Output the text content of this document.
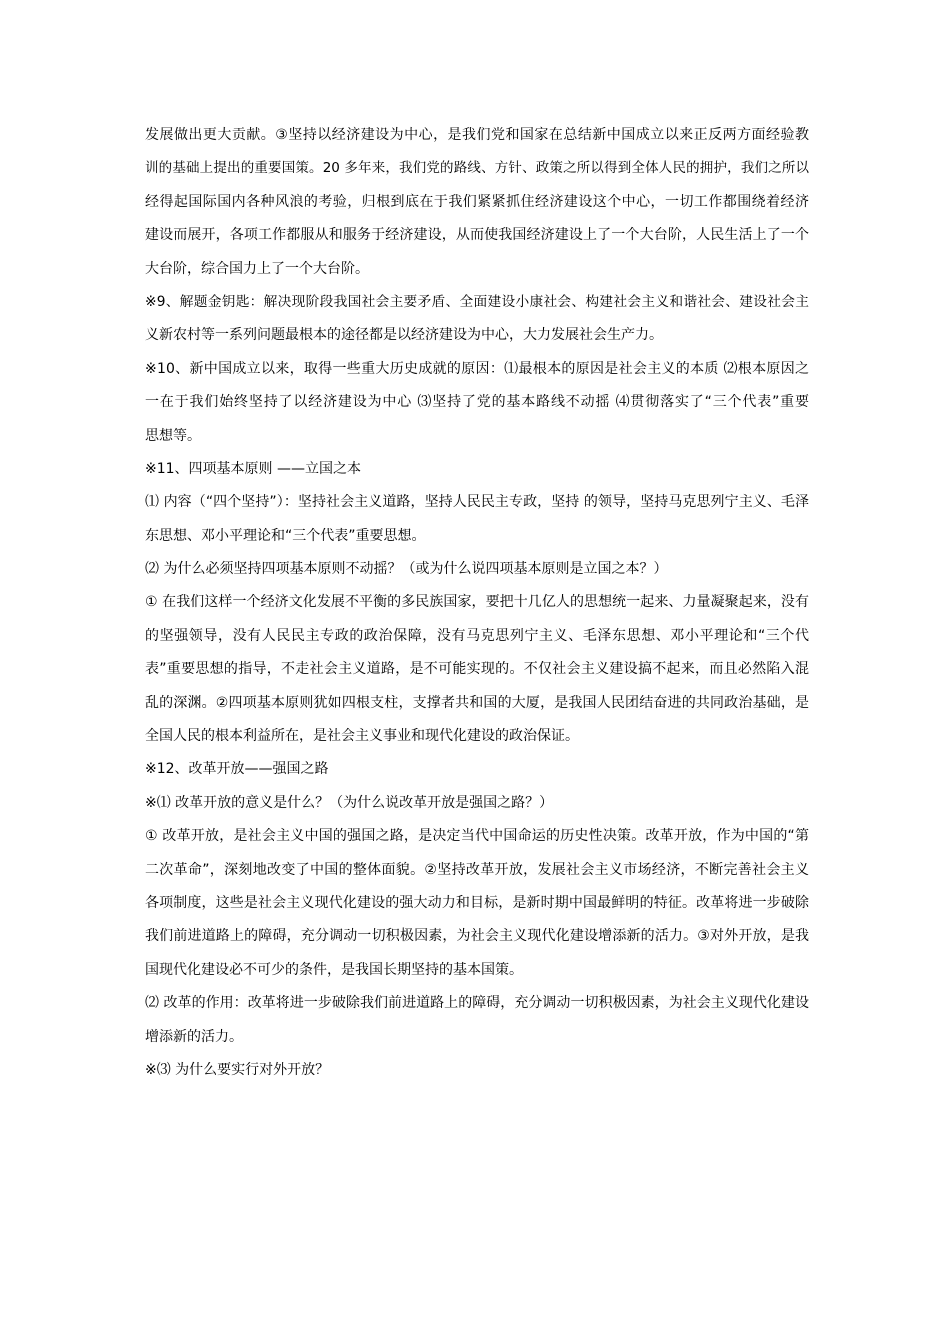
发展做出更大贡献。③坚持以经济建设为中心，是我们党和国家在总结新中国成立以来正反两方面经验教
训的基础上提出的重要国策。20 多年来，我们党的路线、方针、政策之所以得到全体人民的拥护，我们之所以
经得起国际国内各种风浪的考验，归根到底在于我们紧紧抓住经济建设这个中心，一切工作都围绕着经济
建设而展开，各项工作都服从和服务于经济建设，从而使我国经济建设上了一个大台阶，人民生活上了一个
大台阶，综合国力上了一个大台阶。
※9、解题金钥匙：解决现阶段我国社会主要矛盾、全面建设小康社会、构建社会主义和谐社会、建设社会主
义新农村等一系列问题最根本的途径都是以经济建设为中心，大力发展社会生产力。
※10、新中国成立以来，取得一些重大历史成就的原因：⑴最根本的原因是社会主义的本质 ⑵根本原因之
一在于我们始终坚持了以经济建设为中心 ⑶坚持了党的基本路线不动摇 ⑷贯彻落实了“三个代表”重要
思想等。
※11、四项基本原则 ——立国之本
⑴ 内容（“四个坚持”）：坚持社会主义道路，坚持人民民主专政，坚持 的领导，坚持马克思列宁主义、毛泽
东思想、邓小平理论和“三个代表”重要思想。
⑵ 为什么必须坚持四项基本原则不动摇？（或为什么说四项基本原则是立国之本？）
① 在我们这样一个经济文化发展不平衡的多民族国家，要把十几亿人的思想统一起来、力量凝聚起来，没有
的坚强领导，没有人民民主专政的政治保障，没有马克思列宁主义、毛泽东思想、邓小平理论和“三个代
表”重要思想的指导，不走社会主义道路，是不可能实现的。不仅社会主义建设搞不起来，而且必然陷入混
乱的深渊。②四项基本原则犹如四根支柱，支撑者共和国的大厦，是我国人民团结奋进的共同政治基础，是
全国人民的根本利益所在，是社会主义事业和现代化建设的政治保证。
※12、改革开放——强国之路
※⑴ 改革开放的意义是什么？（为什么说改革开放是强国之路？）
① 改革开放，是社会主义中国的强国之路，是决定当代中国命运的历史性决策。改革开放，作为中国的“第
二次革命”，深刻地改变了中国的整体面貌。②坚持改革开放，发展社会主义市场经济，不断完善社会主义
各项制度，这些是社会主义现代化建设的强大动力和目标，是新时期中国最鲜明的特征。改革将进一步破除
我们前进道路上的障碍，充分调动一切积极因素，为社会主义现代化建设增添新的活力。③对外开放，是我
国现代化建设必不可少的条件，是我国长期坚持的基本国策。
⑵ 改革的作用：改革将进一步破除我们前进道路上的障碍，充分调动一切积极因素，为社会主义现代化建设
增添新的活力。
※⑶ 为什么要实行对外开放？
